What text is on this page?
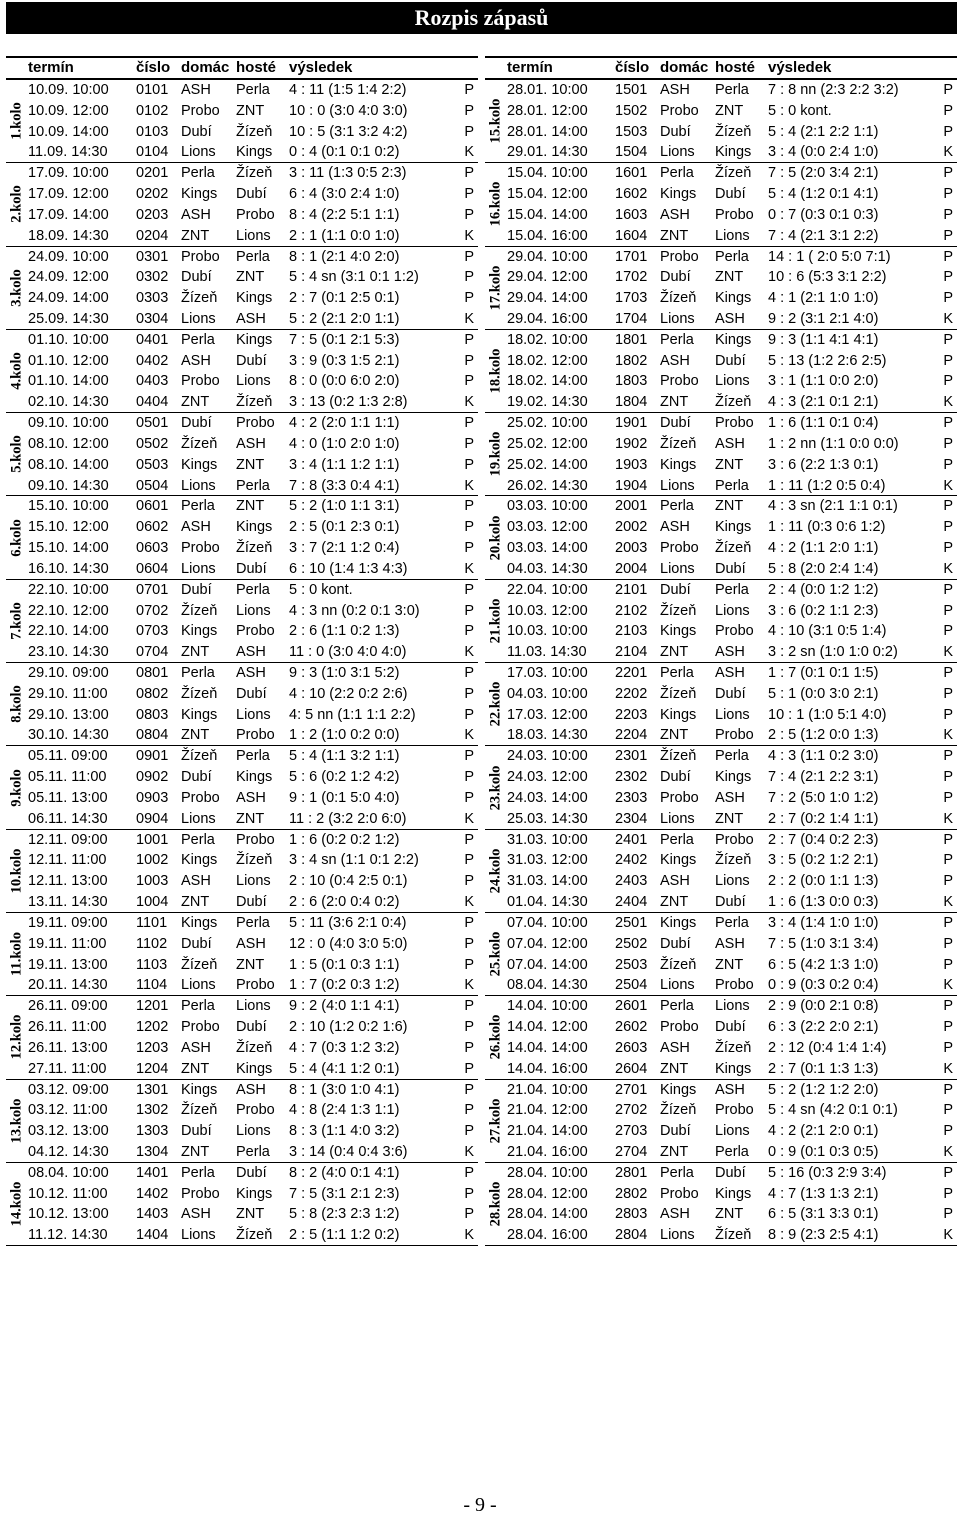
Rozpis zápasů
termín	číslo domác hosté výsledek
1.kolo
10.09. 10:00 0101 ASH Perla 4 : 11 (1:5 1:4 2:2)	P
10.09. 12:00 0102 Probo ZNT 10 : 0 (3:0 4:0 3:0)	P
10.09. 14:00 0103 Dubí Žízeň 10 : 5 (3:1 3:2 4:2)	P
11.09. 14:30 0104 Lions Kings 0 : 4 (0:1 0:1 0:2)	K
2.kolo
17.09. 10:00 0201 Perla Žízeň 3 : 11 (1:3 0:5 2:3)	P
17.09. 12:00 0202 Kings Dubí 6 : 4 (3:0 2:4 1:0)	P
17.09. 14:00 0203 ASH Probo 8 : 4 (2:2 5:1 1:1)	P
18.09. 14:30 0204 ZNT Lions 2 : 1 (1:1 0:0 1:0)	K
3.kolo
24.09. 10:00 0301 Probo Perla 8 : 1 (2:1 4:0 2:0)	P
24.09. 12:00 0302 Dubí ZNT 5 : 4 sn (3:1 0:1 1:2)	P
24.09. 14:00 0303 Žízeň Kings 2 : 7 (0:1 2:5 0:1)	P
25.09. 14:30 0304 Lions ASH 5 : 2 (2:1 2:0 1:1)	K
4.kolo
01.10. 10:00 0401 Perla Kings 7 : 5 (0:1 2:1 5:3)	P
01.10. 12:00 0402 ASH Dubí 3 : 9 (0:3 1:5 2:1)	P
01.10. 14:00 0403 Probo Lions 8 : 0 (0:0 6:0 2:0)	P
02.10. 14:30 0404 ZNT Žízeň 3 : 13 (0:2 1:3 2:8)	K
5.kolo
09.10. 10:00 0501 Dubí Probo 4 : 2 (2:0 1:1 1:1)	P
08.10. 12:00 0502 Žízeň ASH 4 : 0 (1:0 2:0 1:0)	P
08.10. 14:00 0503 Kings ZNT 3 : 4 (1:1 1:2 1:1)	P
09.10. 14:30 0504 Lions Perla 7 : 8 (3:3 0:4 4:1)	K
6.kolo
15.10. 10:00 0601 Perla ZNT 5 : 2 (1:0 1:1 3:1)	P
15.10. 12:00 0602 ASH Kings 2 : 5 (0:1 2:3 0:1)	P
15.10. 14:00 0603 Probo Žízeň 3 : 7 (2:1 1:2 0:4)	P
16.10. 14:30 0604 Lions Dubí 6 : 10 (1:4 1:3 4:3)	K
7.kolo
22.10. 10:00 0701 Dubí Perla 5 : 0 kont.	P
22.10. 12:00 0702 Žízeň Lions 4 : 3 nn (0:2 0:1 3:0)	P
22.10. 14:00 0703 Kings Probo 2 : 6 (1:1 0:2 1:3)	P
23.10. 14:30 0704 ZNT ASH 11 : 0 (3:0 4:0 4:0)	K
8.kolo
29.10. 09:00 0801 Perla ASH 9 : 3 (1:0 3:1 5:2)	P
29.10. 11:00 0802 Žízeň Dubí 4 : 10 (2:2 0:2 2:6)	P
29.10. 13:00 0803 Kings Lions 4: 5 nn (1:1 1:1 2:2)	P
30.10. 14:30 0804 ZNT Probo 1 : 2 (1:0 0:2 0:0)	K
9.kolo
05.11. 09:00 0901 Žízeň Perla 5 : 4 (1:1 3:2 1:1)	P
05.11. 11:00 0902 Dubí Kings 5 : 6 (0:2 1:2 4:2)	P
05.11. 13:00 0903 Probo ASH 9 : 1 (0:1 5:0 4:0)	P
06.11. 14:30 0904 Lions ZNT 11 : 2 (3:2 2:0 6:0)	K
10.kolo
12.11. 09:00 1001 Perla Probo 1 : 6 (0:2 0:2 1:2)	P
12.11. 11:00 1002 Kings Žízeň 3 : 4 sn (1:1 0:1 2:2)	P
12.11. 13:00 1003 ASH Lions 2 : 10 (0:4 2:5 0:1)	P
13.11. 14:30 1004 ZNT Dubí 2 : 6 (2:0 0:4 0:2)	K
11.kolo
19.11. 09:00 1101 Kings Perla 5 : 11 (3:6 2:1 0:4)	P
19.11. 11:00 1102 Dubí ASH 12 : 0 (4:0 3:0 5:0)	P
19.11. 13:00 1103 Žízeň ZNT 1 : 5 (0:1 0:3 1:1)	P
20.11. 14:30 1104 Lions Probo 1 : 7 (0:2 0:3 1:2)	K
12.kolo
26.11. 09:00 1201 Perla Lions 9 : 2 (4:0 1:1 4:1)	P
26.11. 11:00 1202 Probo Dubí 2 : 10 (1:2 0:2 1:6)	P
26.11. 13:00 1203 ASH Žízeň 4 : 7 (0:3 1:2 3:2)	P
27.11. 11:00 1204 ZNT Kings 5 : 4 (4:1 1:2 0:1)	P
13.kolo
03.12. 09:00 1301 Kings ASH 8 : 1 (3:0 1:0 4:1)	P
03.12. 11:00 1302 Žízeň Probo 4 : 8 (2:4 1:3 1:1)	P
03.12. 13:00 1303 Dubí Lions 8 : 3 (1:1 4:0 3:2)	P
04.12. 14:30 1304 ZNT Perla 3 : 14 (0:4 0:4 3:6)	K
14.kolo
08.04. 10:00 1401 Perla Dubí 8 : 2 (4:0 0:1 4:1)	P
10.12. 11:00 1402 Probo Kings 7 : 5 (3:1 2:1 2:3)	P
10.12. 13:00 1403 ASH ZNT 5 : 8 (2:3 2:3 1:2)	P
11.12. 14:30 1404 Lions Žízeň 2 : 5 (1:1 1:2 0:2)	K
termín	číslo domác hosté výsledek
15.kolo
28.01. 10:00 1501 ASH Perla 7 : 8 nn (2:3 2:2 3:2)	P
28.01. 12:00 1502 Probo ZNT 5 : 0 kont.	P
28.01. 14:00 1503 Dubí Žízeň 5 : 4 (2:1 2:2 1:1)	P
29.01. 14:30 1504 Lions Kings 3 : 4 (0:0 2:4 1:0)	K
16.kolo
15.04. 10:00 1601 Perla Žízeň 7 : 5 (2:0 3:4 2:1)	P
15.04. 12:00 1602 Kings Dubí 5 : 4 (1:2 0:1 4:1)	P
15.04. 14:00 1603 ASH Probo 0 : 7 (0:3 0:1 0:3)	P
15.04. 16:00 1604 ZNT Lions 7 : 4 (2:1 3:1 2:2)	P
17.kolo
29.04. 10:00 1701 Probo Perla 14 : 1 ( 2:0 5:0 7:1)	P
29.04. 12:00 1702 Dubí ZNT 10 : 6 (5:3 3:1 2:2)	P
29.04. 14:00 1703 Žízeň Kings 4 : 1 (2:1 1:0 1:0)	P
29.04. 16:00 1704 Lions ASH 9 : 2 (3:1 2:1 4:0)	K
18.kolo
18.02. 10:00 1801 Perla Kings 9 : 3 (1:1 4:1 4:1)	P
18.02. 12:00 1802 ASH Dubí 5 : 13 (1:2 2:6 2:5)	P
18.02. 14:00 1803 Probo Lions 3 : 1 (1:1 0:0 2:0)	P
19.02. 14:30 1804 ZNT Žízeň 4 : 3 (2:1 0:1 2:1)	K
19.kolo
25.02. 10:00 1901 Dubí Probo 1 : 6 (1:1 0:1 0:4)	P
25.02. 12:00 1902 Žízeň ASH 1 : 2 nn (1:1 0:0 0:0)	P
25.02. 14:00 1903 Kings ZNT 3 : 6 (2:2 1:3 0:1)	P
26.02. 14:30 1904 Lions Perla 1 : 11 (1:2 0:5 0:4)	K
20.kolo
03.03. 10:00 2001 Perla ZNT 4 : 3 sn (2:1 1:1 0:1)	P
03.03. 12:00 2002 ASH Kings 1 : 11 (0:3 0:6 1:2)	P
03.03. 14:00 2003 Probo Žízeň 4 : 2 (1:1 2:0 1:1)	P
04.03. 14:30 2004 Lions Dubí 5 : 8 (2:0 2:4 1:4)	K
21.kolo
22.04. 10:00 2101 Dubí Perla 2 : 4 (0:0 1:2 1:2)	P
10.03. 12:00 2102 Žízeň Lions 3 : 6 (0:2 1:1 2:3)	P
10.03. 10:00 2103 Kings Probo 4 : 10 (3:1 0:5 1:4)	P
11.03. 14:30 2104 ZNT ASH 3 : 2 sn (1:0 1:0 0:2)	K
22.kolo
17.03. 10:00 2201 Perla ASH 1 : 7 (0:1 0:1 1:5)	P
04.03. 10:00 2202 Žízeň Dubí 5 : 1 (0:0 3:0 2:1)	P
17.03. 12:00 2203 Kings Lions 10 : 1 (1:0 5:1 4:0)	P
18.03. 14:30 2204 ZNT Probo 2 : 5 (1:2 0:0 1:3)	K
23.kolo
24.03. 10:00 2301 Žízeň Perla 4 : 3 (1:1 0:2 3:0)	P
24.03. 12:00 2302 Dubí Kings 7 : 4 (2:1 2:2 3:1)	P
24.03. 14:00 2303 Probo ASH 7 : 2 (5:0 1:0 1:2)	P
25.03. 14:30 2304 Lions ZNT 2 : 7 (0:2 1:4 1:1)	K
24.kolo
31.03. 10:00 2401 Perla Probo 2 : 7 (0:4 0:2 2:3)	P
31.03. 12:00 2402 Kings Žízeň 3 : 5 (0:2 1:2 2:1)	P
31.03. 14:00 2403 ASH Lions 2 : 2 (0:0 1:1 1:3)	P
01.04. 14:30 2404 ZNT Dubí 1 : 6 (1:3 0:0 0:3)	K
25.kolo
07.04. 10:00 2501 Kings Perla 3 : 4 (1:4 1:0 1:0)	P
07.04. 12:00 2502 Dubí ASH 7 : 5 (1:0 3:1 3:4)	P
07.04. 14:00 2503 Žízeň ZNT 6 : 5 (4:2 1:3 1:0)	P
08.04. 14:30 2504 Lions Probo 0 : 9 (0:3 0:2 0:4)	K
26.kolo
14.04. 10:00 2601 Perla Lions 2 : 9 (0:0 2:1 0:8)	P
14.04. 12:00 2602 Probo Dubí 6 : 3 (2:2 2:0 2:1)	P
14.04. 14:00 2603 ASH Žízeň 2 : 12 (0:4 1:4 1:4)	P
14.04. 16:00 2604 ZNT Kings 2 : 7 (0:1 1:3 1:3)	K
27.kolo
21.04. 10:00 2701 Kings ASH 5 : 2 (1:2 1:2 2:0)	P
21.04. 12:00 2702 Žízeň Probo 5 : 4 sn (4:2 0:1 0:1)	P
21.04. 14:00 2703 Dubí Lions 4 : 2 (2:1 2:0 0:1)	P
21.04. 16:00 2704 ZNT Perla 0 : 9 (0:1 0:3 0:5)	K
28.kolo
28.04. 10:00 2801 Perla Dubí 5 : 16 (0:3 2:9 3:4)	P
28.04. 12:00 2802 Probo Kings 4 : 7 (1:3 1:3 2:1)	P
28.04. 14:00 2803 ASH ZNT 6 : 5 (3:1 3:3 0:1)	P
28.04. 16:00 2804 Lions Žízeň 8 : 9 (2:3 2:5 4:1)	K
- 9 -
